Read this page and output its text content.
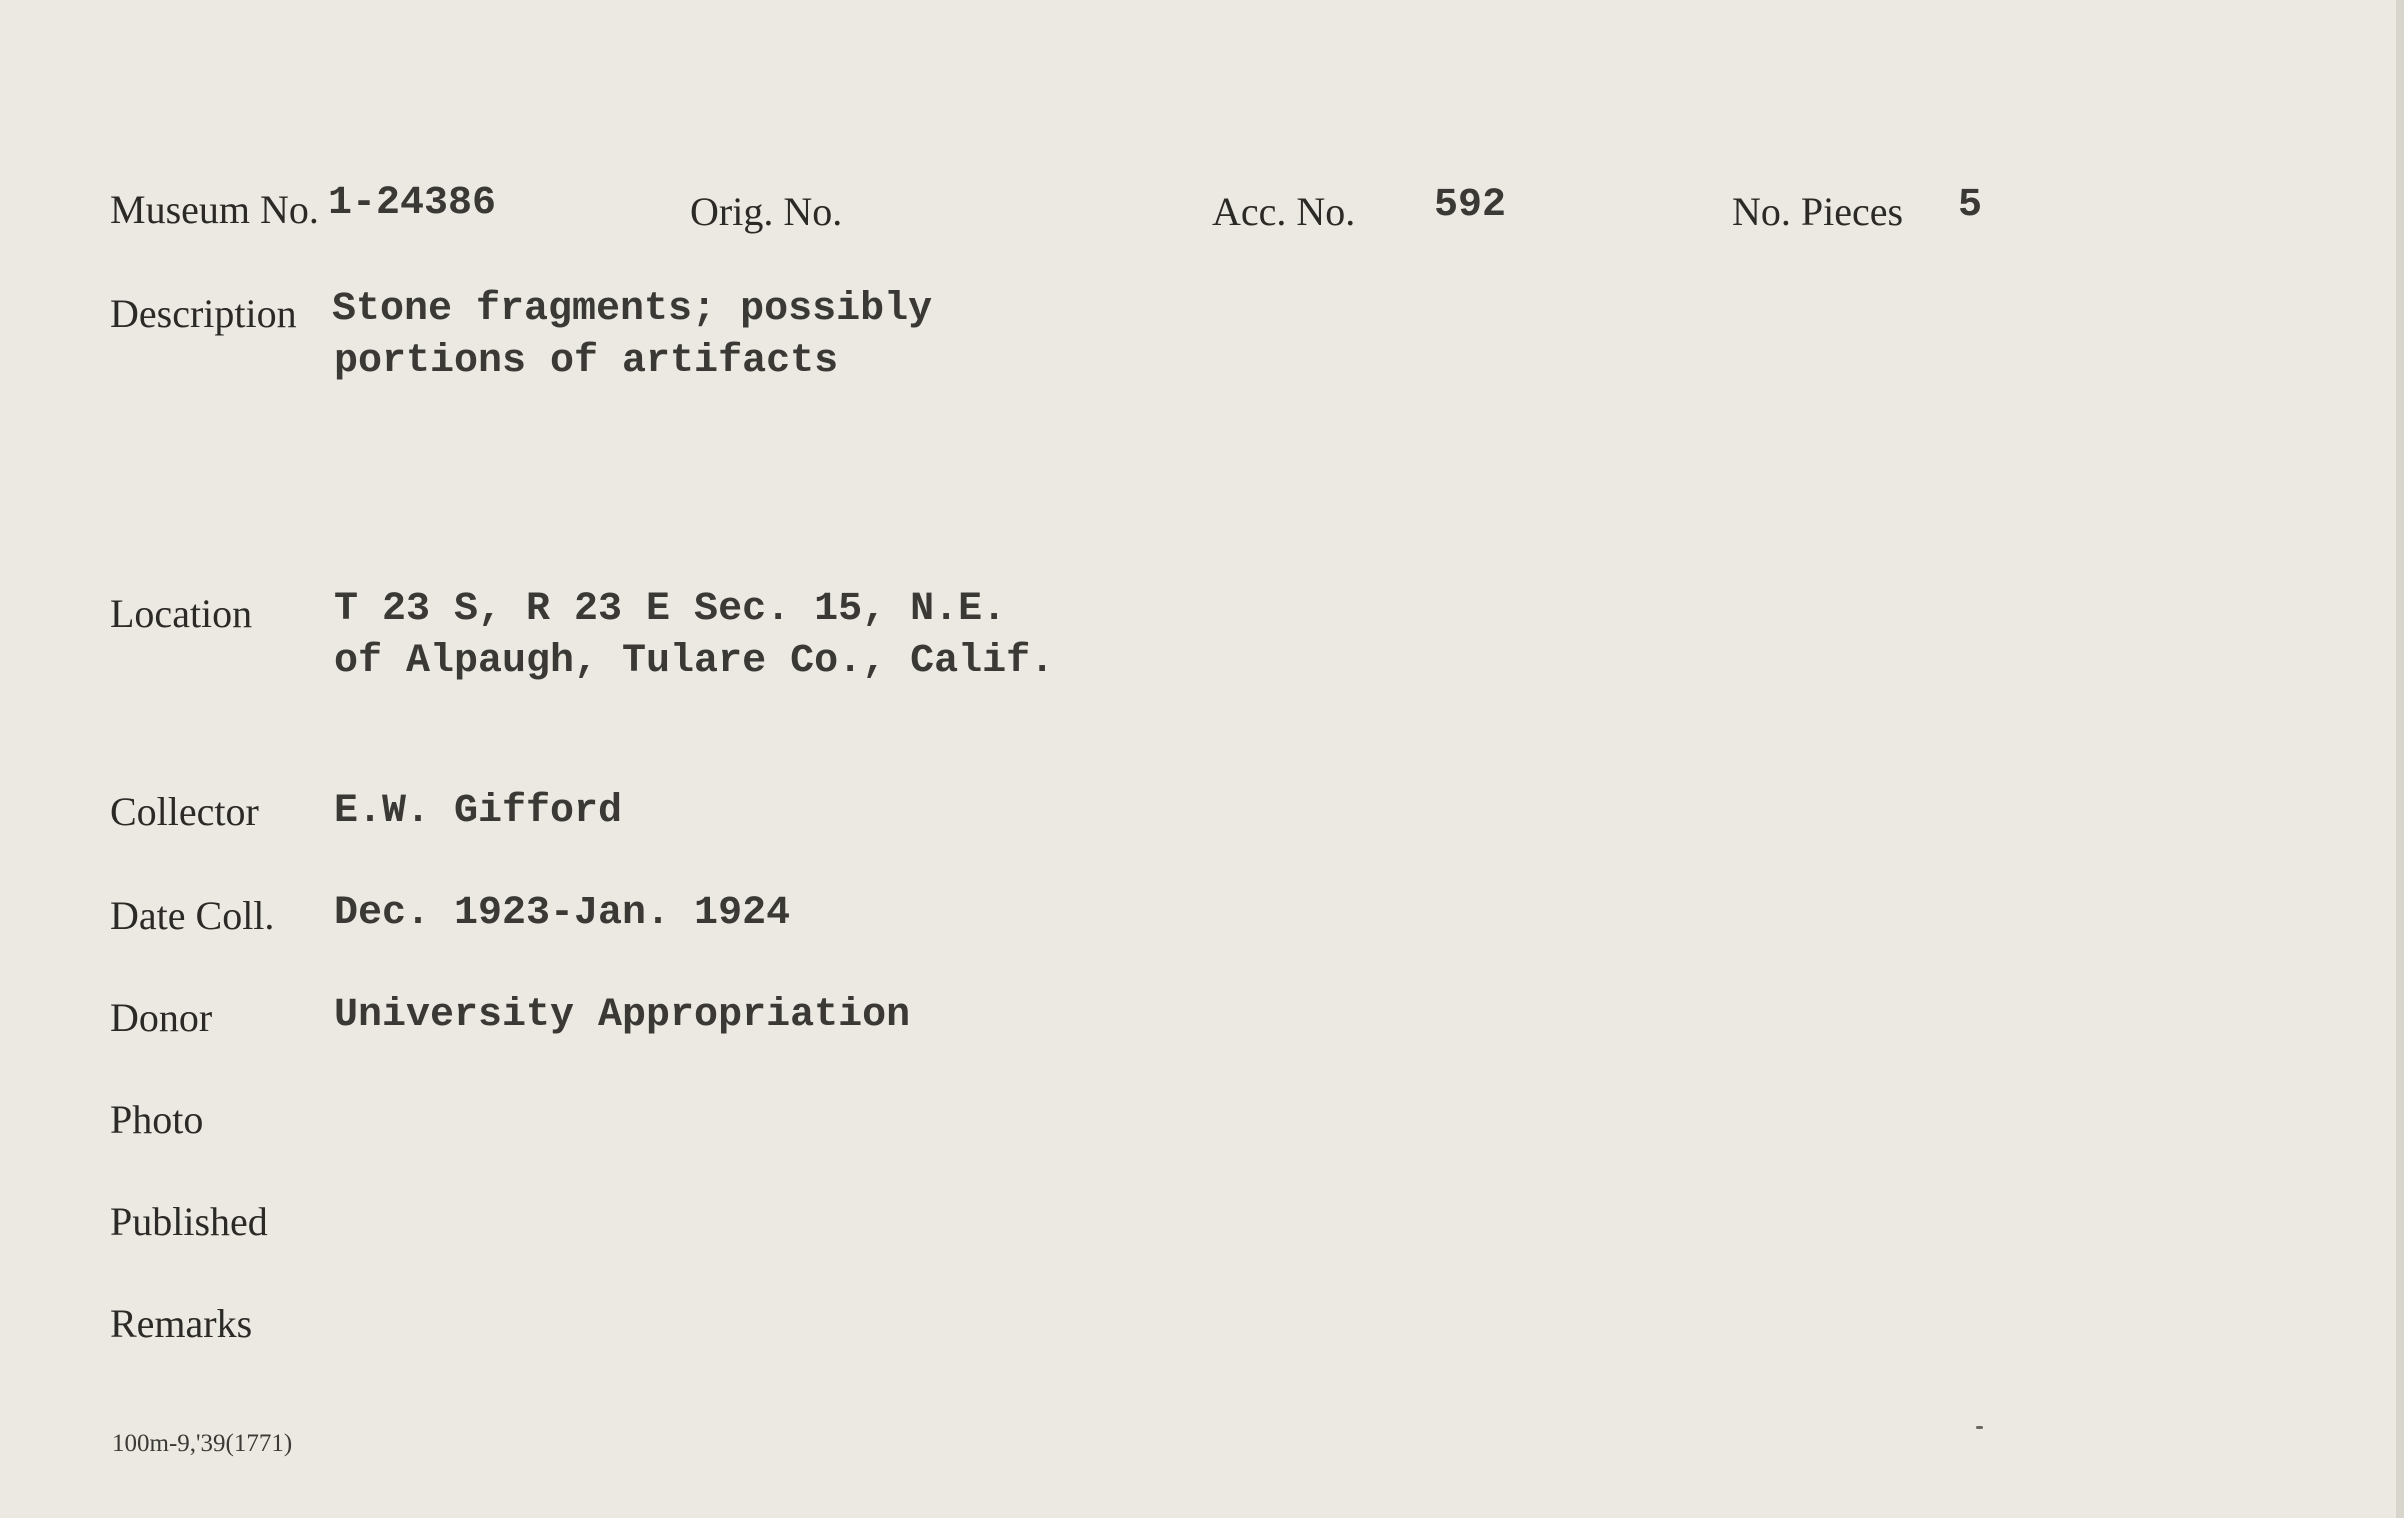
Museum No. 1-24386	Orig. No.	Acc. No. 592	No. Pieces 5
Description Stone fragments; possibly
portions of artifacts
Location T 23 S, R 23 E Sec. 15, N.E.
of Alpaugh, Tulare Co., Calif.
Collector E.W. Gifford
Date Coll. Dec. 1923-Jan. 1924
Donor	University Appropriation
Photo
Published
Remarks
100m-9,'39(1771)
